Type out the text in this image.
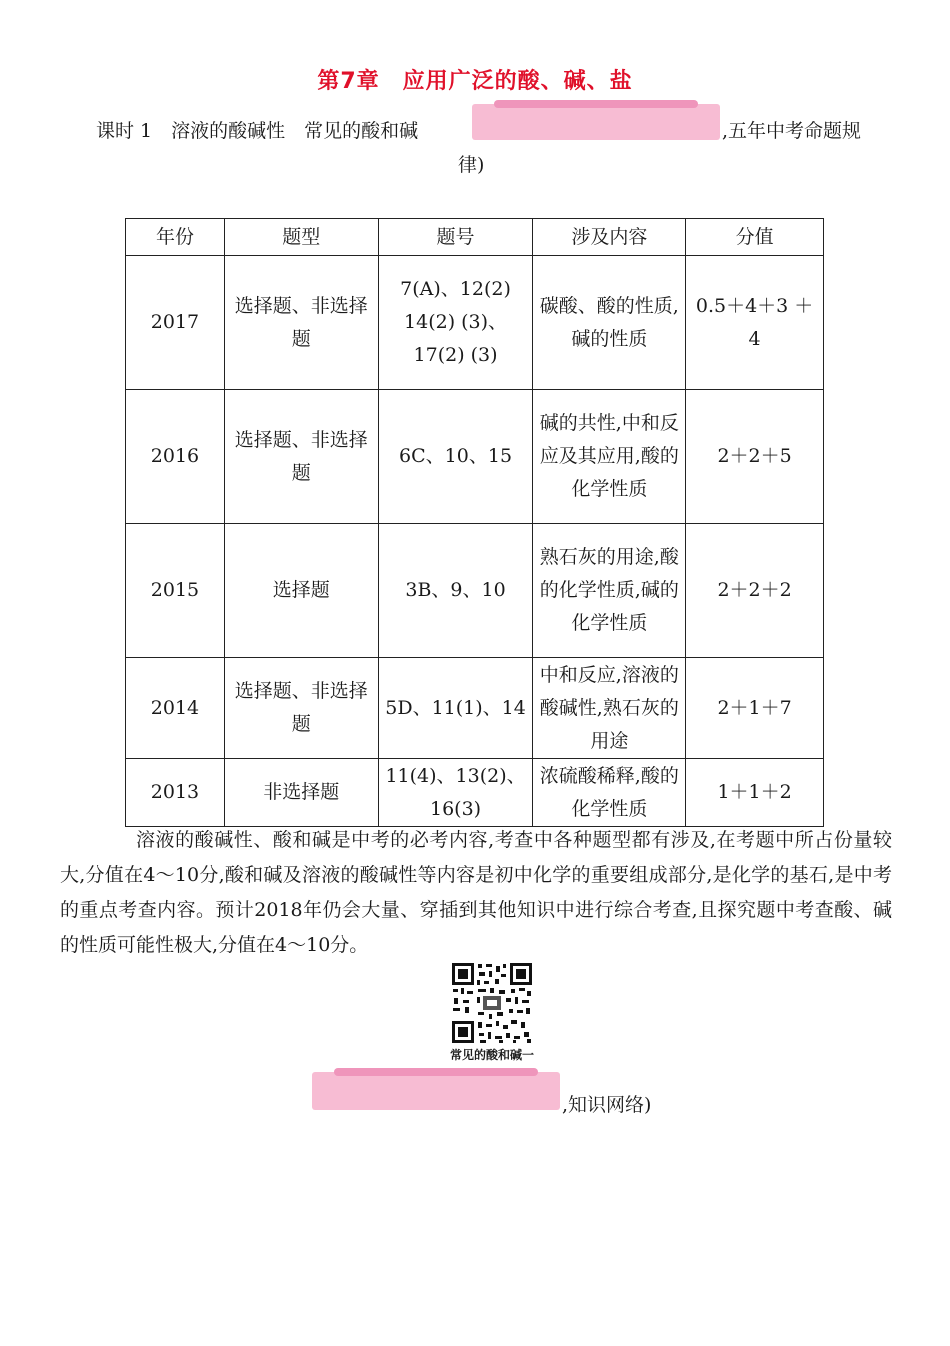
第7章　应用广泛的酸、碱、盐
课时 1　溶液的酸碱性　常见的酸和碱	,五年中考命题规
律)
年份	题型	题号	涉及内容	分值
2017	选择题、非选择题	7(A)、12(2) 14(2) (3)、17(2) (3)	碳酸、酸的性质,碱的性质	0.5＋4＋3 ＋4
2016	选择题、非选择题	6C、10、15	碱的共性,中和反应及其应用,酸的化学性质	2＋2＋5
2015	选择题	3B、9、10	熟石灰的用途,酸的化学性质,碱的化学性质	2＋2＋2
2014	选择题、非选择题	5D、11(1)、14	中和反应,溶液的酸碱性,熟石灰的用途	2＋1＋7
2013	非选择题	11(4)、13(2)、16(3)	浓硫酸稀释,酸的化学性质	1＋1＋2
溶液的酸碱性、酸和碱是中考的必考内容,考查中各种题型都有涉及,在考题中所占份量较大,分值在4～10分,酸和碱及溶液的酸碱性等内容是初中化学的重要组成部分,是化学的基石,是中考的重点考查内容。预计2018年仍会大量、穿插到其他知识中进行综合考查,且探究题中考查酸、碱的性质可能性极大,分值在4～10分。
常见的酸和碱一
,知识网络)
